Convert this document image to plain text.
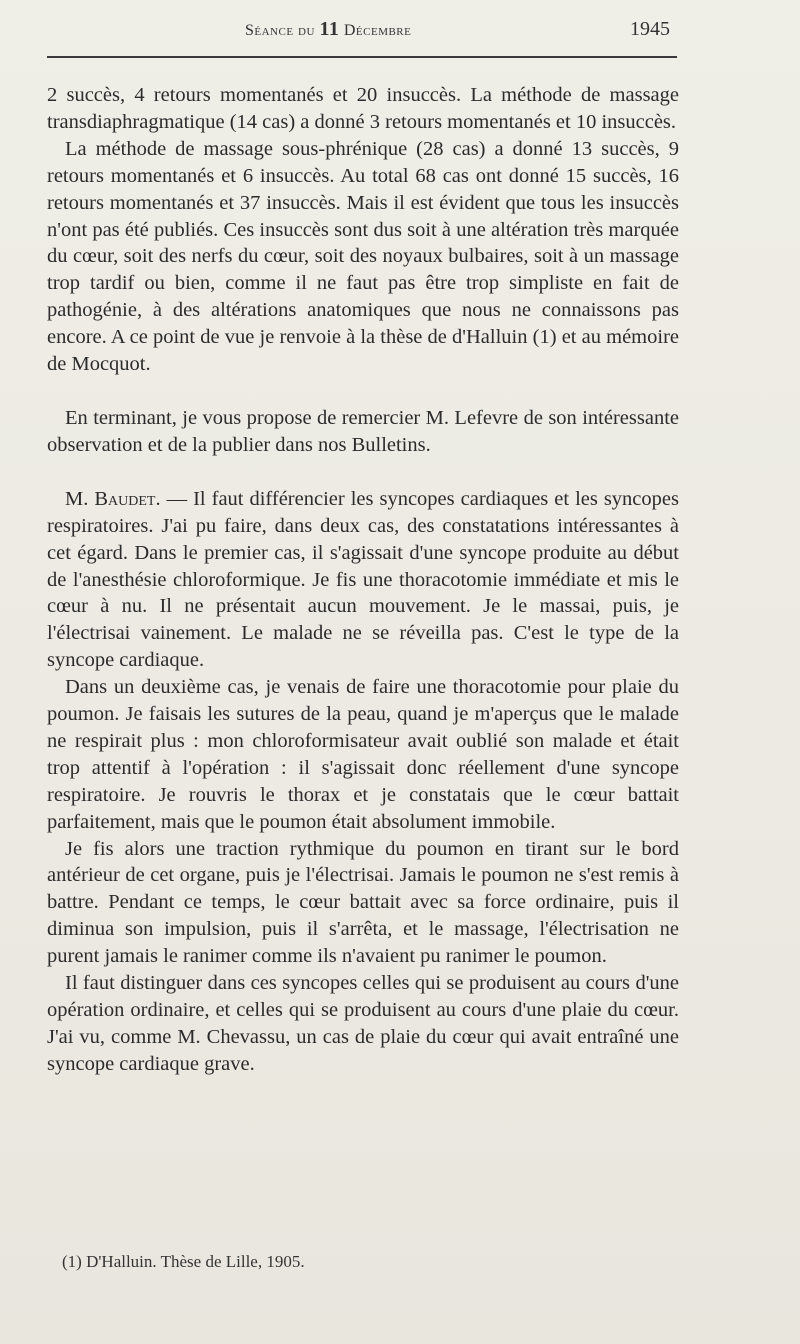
Séance du 11 Décembre	1945

2 succès, 4 retours momentanés et 20 insuccès. La méthode de massage transdiaphragmatique (14 cas) a donné 3 retours momentanés et 10 insuccès.

La méthode de massage sous-phrénique (28 cas) a donné 13 succès, 9 retours momentanés et 6 insuccès. Au total 68 cas ont donné 15 succès, 16 retours momentanés et 37 insuccès. Mais il est évident que tous les insuccès n'ont pas été publiés. Ces insuccès sont dus soit à une altération très marquée du cœur, soit des nerfs du cœur, soit des noyaux bulbaires, soit à un massage trop tardif ou bien, comme il ne faut pas être trop simpliste en fait de pathogénie, à des altérations anatomiques que nous ne connaissons pas encore. A ce point de vue je renvoie à la thèse de d'Halluin (1) et au mémoire de Mocquot.

En terminant, je vous propose de remercier M. Lefevre de son intéressante observation et de la publier dans nos Bulletins.

M. Baudet. — Il faut différencier les syncopes cardiaques et les syncopes respiratoires. J'ai pu faire, dans deux cas, des constatations intéressantes à cet égard. Dans le premier cas, il s'agissait d'une syncope produite au début de l'anesthésie chloroformique. Je fis une thoracotomie immédiate et mis le cœur à nu. Il ne présentait aucun mouvement. Je le massai, puis, je l'électrisai vainement. Le malade ne se réveilla pas. C'est le type de la syncope cardiaque.

Dans un deuxième cas, je venais de faire une thoracotomie pour plaie du poumon. Je faisais les sutures de la peau, quand je m'aperçus que le malade ne respirait plus : mon chloroformisateur avait oublié son malade et était trop attentif à l'opération : il s'agissait donc réellement d'une syncope respiratoire. Je rouvris le thorax et je constatais que le cœur battait parfaitement, mais que le poumon était absolument immobile.

Je fis alors une traction rythmique du poumon en tirant sur le bord antérieur de cet organe, puis je l'électrisai. Jamais le poumon ne s'est remis à battre. Pendant ce temps, le cœur battait avec sa force ordinaire, puis il diminua son impulsion, puis il s'arrêta, et le massage, l'électrisation ne purent jamais le ranimer comme ils n'avaient pu ranimer le poumon.

Il faut distinguer dans ces syncopes celles qui se produisent au cours d'une opération ordinaire, et celles qui se produisent au cours d'une plaie du cœur. J'ai vu, comme M. Chevassu, un cas de plaie du cœur qui avait entraîné une syncope cardiaque grave.

(1) D'Halluin. Thèse de Lille, 1905.
